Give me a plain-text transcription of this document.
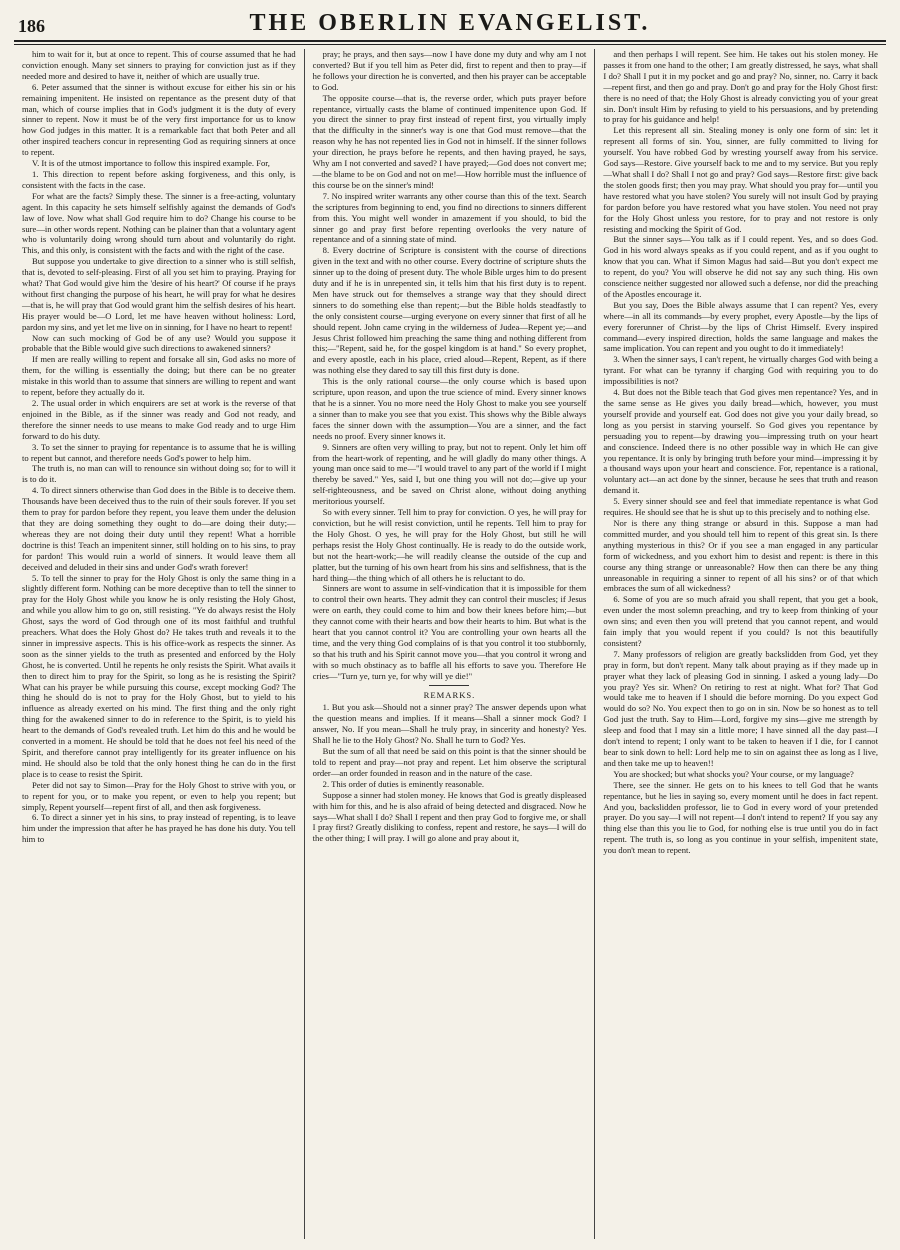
186	THE OBERLIN EVANGELIST.

him to wait for it, but at once to repent. This of course assumed that he had conviction enough. Many set sinners to praying for conviction just as if they needed more and desired to have it, neither of which are usually true.

6. Peter assumed that the sinner is without excuse for either his sin or his remaining impenitent. He insisted on repentance as the present duty of that man, which of course implies that in God's judgment it is the duty of every sinner to repent. Now it must be of the very first importance for us to know how God judges in this matter. It is a remarkable fact that both Peter and all other inspired teachers concur in representing God as requiring sinners at once to repent.

V. It is of the utmost importance to follow this inspired example. For,

1. This direction to repent before asking forgiveness, and this only, is consistent with the facts in the case.

For what are the facts? Simply these. The sinner is a free-acting, voluntary agent. In this capacity he sets himself selfishly against the demands of God's law of love. Now what shall God require him to do? Change his course to be sure—in other words repent. Nothing can be plainer than that a voluntary agent who is voluntarily doing wrong should turn about and voluntarily do right. This, and this only, is consistent with the facts and with the right of the case.

But suppose you undertake to give direction to a sinner who is still selfish, that is, devoted to self-pleasing. First of all you set him to praying. Praying for what? That God would give him the 'desire of his heart?' Of course if he prays without first changing the purpose of his heart, he will pray for what he desires—that is, he will pray that God would grant him the selfish desires of his heart. His prayer would be—O Lord, let me have heaven without holiness: Lord, pardon my sins, and yet let me live on in sinning, for I have no heart to repent!

Now can such mocking of God be of any use? Would you suppose it probable that the Bible would give such directions to awakened sinners?

If men are really willing to repent and forsake all sin, God asks no more of them, for the willing is essentially the doing; but there can be no greater mistake in this world than to assume that sinners are willing to repent and want to repent, before they actually do it.

2. The usual order in which enquirers are set at work is the reverse of that enjoined in the Bible, as if the sinner was ready and God not ready, and therefore the sinner needs to use means to make God ready and to urge Him forward to do his duty.

3. To set the sinner to praying for repentance is to assume that he is willing to repent but cannot, and therefore needs God's power to help him.

The truth is, no man can will to renounce sin without doing so; for to will it is to do it.

4. To direct sinners otherwise than God does in the Bible is to deceive them. Thousands have been deceived thus to the ruin of their souls forever. If you set them to pray for pardon before they repent, you leave them under the delusion that they are doing something they ought to do—are doing their duty;—whereas they are not doing their duty until they repent! What a horrible doctrine is this! Teach an impenitent sinner, still holding on to his sins, to pray for pardon! This would ruin a world of sinners. It would leave them all deceived and deluded in their sins and under God's wrath forever!

5. To tell the sinner to pray for the Holy Ghost is only the same thing in a slightly different form. Nothing can be more deceptive than to tell the sinner to pray for the Holy Ghost while you know he is only resisting the Holy Ghost, and while you allow him to go on, still resisting. "Ye do always resist the Holy Ghost, says the word of God through one of its most faithful and truthful preachers. What does the Holy Ghost do? He takes truth and reveals it to the sinner in impressive aspects. This is his office-work as respects the sinner. As soon as the sinner yields to the truth as presented and enforced by the Holy Ghost, he is converted. Until he repents he only resists the Spirit. What avails it then to direct him to pray for the Spirit, so long as he is resisting the Spirit? What can his prayer be while pursuing this course, except mocking God? The thing he should do is not to pray for the Holy Ghost, but to yield to his influence as already exerted on his mind. The first thing and the only right thing for the awakened sinner to do in reference to the Spirit, is to yield his heart to the demands of God's revealed truth. Let him do this and he would be converted in a moment. He should be told that he does not feel his need of the Spirit, and therefore cannot pray intelligently for its greater influence on his mind. He should also be told that the only honest thing he can do in the first place is to cease to resist the Spirit.

Peter did not say to Simon—Pray for the Holy Ghost to strive with you, or to repent for you, or to make you repent, or even to help you repent; but simply, Repent yourself—repent first of all, and then ask forgiveness.

6. To direct a sinner yet in his sins, to pray instead of repenting, is to leave him under the impression that after he has prayed he has done his duty. You tell him to

pray; he prays, and then says—now I have done my duty and why am I not converted? But if you tell him as Peter did, first to repent and then to pray—if he follows your direction he is converted, and then his prayer can be acceptable to God.

The opposite course—that is, the reverse order, which puts prayer before repentance, virtually casts the blame of continued impenitence upon God. If you direct the sinner to pray first instead of repent first, you virtually imply that the difficulty in the sinner's way is one that God must remove—that the reason why he has not repented lies in God not in himself. If the sinner follows your direction, he prays before he repents, and then having prayed, he says, Why am I not converted and saved? I have prayed;—God does not convert me;—the blame to be on God and not on me!—How horrible must the influence of this course be on the sinner's mind!

7. No inspired writer warrants any other course than this of the text. Search the scriptures from beginning to end, you find no directions to sinners different from this. You might well wonder in amazement if you should, to bid the sinner go and pray first before repenting overlooks the very nature of repentance and of a sinning state of mind.

8. Every doctrine of Scripture is consistent with the course of directions given in the text and with no other course. Every doctrine of scripture shuts the sinner up to the doing of present duty. The whole Bible urges him to do present duty and if he is in unrepented sin, it tells him that his first duty is to repent. Men have struck out for themselves a strange way that they should direct sinners to do something else than repent;—but the Bible holds steadfastly to the only consistent course—urging everyone on every sinner that first of all he should repent. John came crying in the wilderness of Judea—Repent ye;—and Jesus Christ followed him preaching the same thing and nothing different from this;—"Repent, said he, for the gospel kingdom is at hand." So every prophet, and every apostle, each in his place, cried aloud—Repent, Repent, as if there was nothing else they dared to say till this first duty is done.

This is the only rational course—the only course which is based upon scripture, upon reason, and upon the true science of mind. Every sinner knows that he is a sinner. You no more need the Holy Ghost to make you see yourself a sinner than to make you see that you exist. This shows why the Bible always faces the sinner down with the assumption—You are a sinner, and the fact needs no proof. Every sinner knows it.

9. Sinners are often very willing to pray, but not to repent. Only let him off from the heart-work of repenting, and he will gladly do many other things. A young man once said to me—"I would travel to any part of the world if I might thereby be saved." Yes, said I, but one thing you will not do;—give up your self-righteousness, and be saved on Christ alone, without doing anything meritorious yourself.

So with every sinner. Tell him to pray for conviction. O yes, he will pray for conviction, but he will resist conviction, until he repents. Tell him to pray for the Holy Ghost. O yes, he will pray for the Holy Ghost, but still he will perhaps resist the Holy Ghost continually. He is ready to do the outside work, but not the heart-work;—he will readily cleanse the outside of the cup and platter, but the turning of his own heart from his sins and selfishness, that is the hard thing—the thing which of all others he is reluctant to do.

Sinners are wont to assume in self-vindication that it is impossible for them to control their own hearts. They admit they can control their muscles; if Jesus were on earth, they could come to him and bow their knees before him;—but they cannot come with their hearts and bow their hearts to him. But what is the heart that you cannot control it? You are controlling your own hearts all the time, and the very thing God complains of is that you control it too stubbornly, so that his truth and his Spirit cannot move you—that you control it wrong and with so much obstinacy as to baffle all his efforts to save you. Therefore He cries—"Turn ye, turn ye, for why will ye die!"

REMARKS.

1. But you ask—Should not a sinner pray? The answer depends upon what the question means and implies. If it means—Shall a sinner mock God? I answer, No. If you mean—Shall he truly pray, in sincerity and honesty? Yes. Shall he lie to the Holy Ghost? No. Shall he turn to God? Yes.

But the sum of all that need be said on this point is that the sinner should be told to repent and pray—not pray and repent. Let him observe the scriptural order—an order founded in reason and in the nature of the case.

2. This order of duties is eminently reasonable.

Suppose a sinner had stolen money. He knows that God is greatly displeased with him for this, and he is also afraid of being detected and disgraced. Now he says—What shall I do? Shall I repent and then pray God to forgive me, or shall I pray first? Greatly disliking to confess, repent and restore, he says—I will do the other thing; I will pray. I will go alone and pray about it,

and then perhaps I will repent. See him. He takes out his stolen money. He passes it from one hand to the other; I am greatly distressed, he says, what shall I do? Shall I put it in my pocket and go and pray? No, sinner, no. Carry it back—repent first, and then go and pray. Don't go and pray for the Holy Ghost first: there is no need of that; the Holy Ghost is already convicting you of your great sin. Don't insult Him by refusing to yield to his persuasions, and by pretending to pray for his guidance and help!

Let this represent all sin. Stealing money is only one form of sin: let it represent all forms of sin. You, sinner, are fully committed to living for yourself. You have robbed God by wresting yourself away from his service. God says—Restore. Give yourself back to me and to my service. But you reply—What shall I do? Shall I not go and pray? God says—Restore first: give back the stolen goods first; then you may pray. What should you pray for—until you have restored what you have stolen? You surely will not insult God by praying for pardon before you have restored what you have stolen. You need not pray for the Holy Ghost unless you restore, for to pray and not restore is only resisting and mocking the Spirit of God.

But the sinner says—You talk as if I could repent. Yes, and so does God. God in his word always speaks as if you could repent, and as if you ought to know that you can. What if Simon Magus had said—But you don't expect me to repent, do you? You will observe he did not say any such thing. His own conscience neither suggested nor allowed such a defense, nor did the preaching of the Apostles encourage it.

But you say, Does the Bible always assume that I can repent? Yes, every where—in all its commands—by every prophet, every Apostle—by the lips of every forerunner of Christ—by the lips of Christ Himself. Every inspired command—every inspired direction, holds the same language and makes the same implication. You can repent and you ought to do it immediately!

3. When the sinner says, I can't repent, he virtually charges God with being a tyrant. For what can be tyranny if charging God with requiring you to do impossibilities is not?

4. But does not the Bible teach that God gives men repentance? Yes, and in the same sense as He gives you daily bread—which, however, you must yourself provide and yourself eat. God does not give you your daily bread, so long as you persist in starving yourself. So God gives you repentance by persuading you to repent—by drawing you—impressing truth on your heart and conscience. Indeed there is no other possible way in which He can give you repentance. It is only by bringing truth before your mind—impressing it by a thousand ways upon your heart and conscience. For, repentance is a rational, voluntary act—an act done by the sinner, because he sees that truth and reason demand it.

5. Every sinner should see and feel that immediate repentance is what God requires. He should see that he is shut up to this precisely and to nothing else.

Nor is there any thing strange or absurd in this. Suppose a man had committed murder, and you should tell him to repent of this great sin. Is there anything mysterious in this? Or if you see a man engaged in any particular form of wickedness, and you exhort him to desist and repent: is there in this course any thing strange or unreasonable? How then can there be any thing unreasonable in requiring a sinner to repent of all his sins? or of that which embraces the sum of all wickedness?

6. Some of you are so much afraid you shall repent, that you get a book, even under the most solemn preaching, and try to keep from thinking of your own sins; and even then you will pretend that you cannot repent, and would fain imply that you would repent if you could? Is not this beautifully consistent?

7. Many professors of religion are greatly backslidden from God, yet they pray in form, but don't repent. Many talk about praying as if they made up in prayer what they lack of pleasing God in sinning. I asked a young lady—Do you pray? Yes sir. When? On retiring to rest at night. What for? That God would take me to heaven if I should die before morning. Do you expect God would do so? No. You expect then to go on in sin. Now be so honest as to tell God just the truth. Say to Him—Lord, forgive my sins—give me strength by sleep and food that I may sin a little more; I have sinned all the day past—I don't intend to repent; I only want to be taken to heaven if I die, for I cannot bear to sink down to hell: Lord help me to sin on against thee as long as I live, and then take me up to heaven!!

You are shocked; but what shocks you? Your course, or my language?

There, see the sinner. He gets on to his knees to tell God that he wants repentance, but he lies in saying so, every moment until he does in fact repent. And you, backslidden professor, lie to God in every word of your pretended prayer. Do you say—I will not repent—I don't intend to repent? If you say any thing else than this you lie to God, for nothing else is true until you do in fact repent. The truth is, so long as you continue in your selfish, impenitent state, you don't mean to repent.
